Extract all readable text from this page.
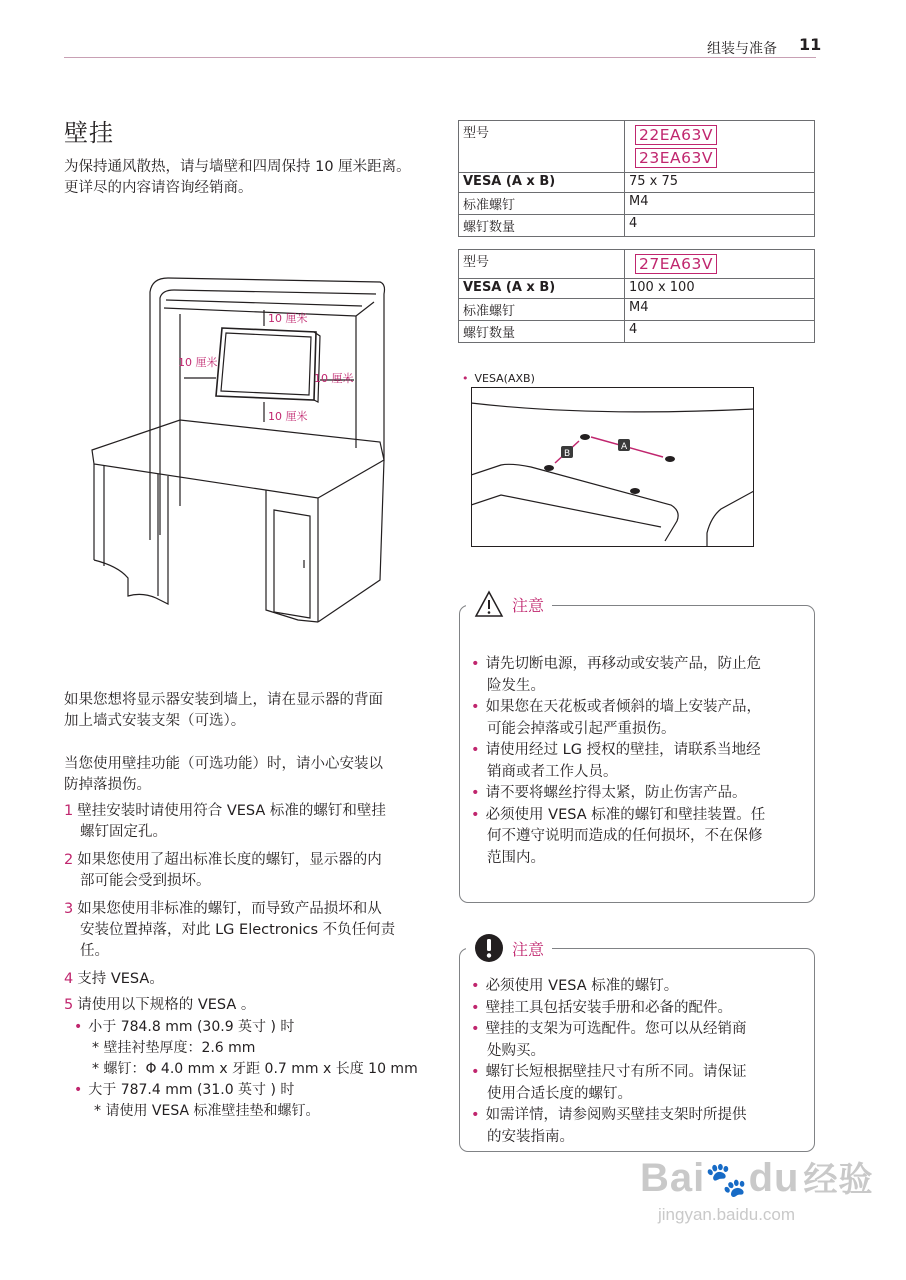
组装与准备 11
壁挂
为保持通风散热，请与墙壁和四周保持 10 厘米距离。
更详尽的内容请咨询经销商。
10 厘米
10 厘米
10 厘米
10 厘米
如果您想将显示器安装到墙上，请在显示器的背面
加上墙式安装支架（可选）。
当您使用壁挂功能（可选功能）时，请小心安装以
防掉落损伤。
1 壁挂安装时请使用符合 VESA 标准的螺钉和壁挂
螺钉固定孔。
2 如果您使用了超出标准长度的螺钉，显示器的内
部可能会受到损坏。
3 如果您使用非标准的螺钉，而导致产品损坏和从
安装位置掉落，对此 LG Electronics 不负任何责
任。
4 支持 VESA。
5 请使用以下规格的 VESA 。
• 小于 784.8 mm (30.9 英寸 ) 时
* 壁挂衬垫厚度：2.6 mm
* 螺钉：Φ 4.0 mm x 牙距 0.7 mm x 长度 10 mm
• 大于 787.4 mm (31.0 英寸 ) 时
* 请使用 VESA 标准壁挂垫和螺钉。
型号	22EA63V
23EA63V

VESA (A x B)	75 x 75
标准螺钉	M4
螺钉数量	4
型号	27EA63V

VESA (A x B)	100 x 100
标准螺钉	M4
螺钉数量	4
• VESA(AXB)
A
B
注意
• 请先切断电源，再移动或安装产品，防止危
险发生。
• 如果您在天花板或者倾斜的墙上安装产品，
可能会掉落或引起严重损伤。
• 请使用经过 LG 授权的壁挂，请联系当地经
销商或者工作人员。
• 请不要将螺丝拧得太紧，防止伤害产品。
• 必须使用 VESA 标准的螺钉和壁挂装置。任
何不遵守说明而造成的任何损坏，不在保修
范围内。
注意
• 必须使用 VESA 标准的螺钉。
• 壁挂工具包括安装手册和必备的配件。
• 壁挂的支架为可选配件。您可以从经销商
处购买。
• 螺钉长短根据壁挂尺寸有所不同。请保证
使用合适长度的螺钉。
• 如需详情，请参阅购买壁挂支架时所提供
的安装指南。
Bai🐾du 经验
jingyan.baidu.com
